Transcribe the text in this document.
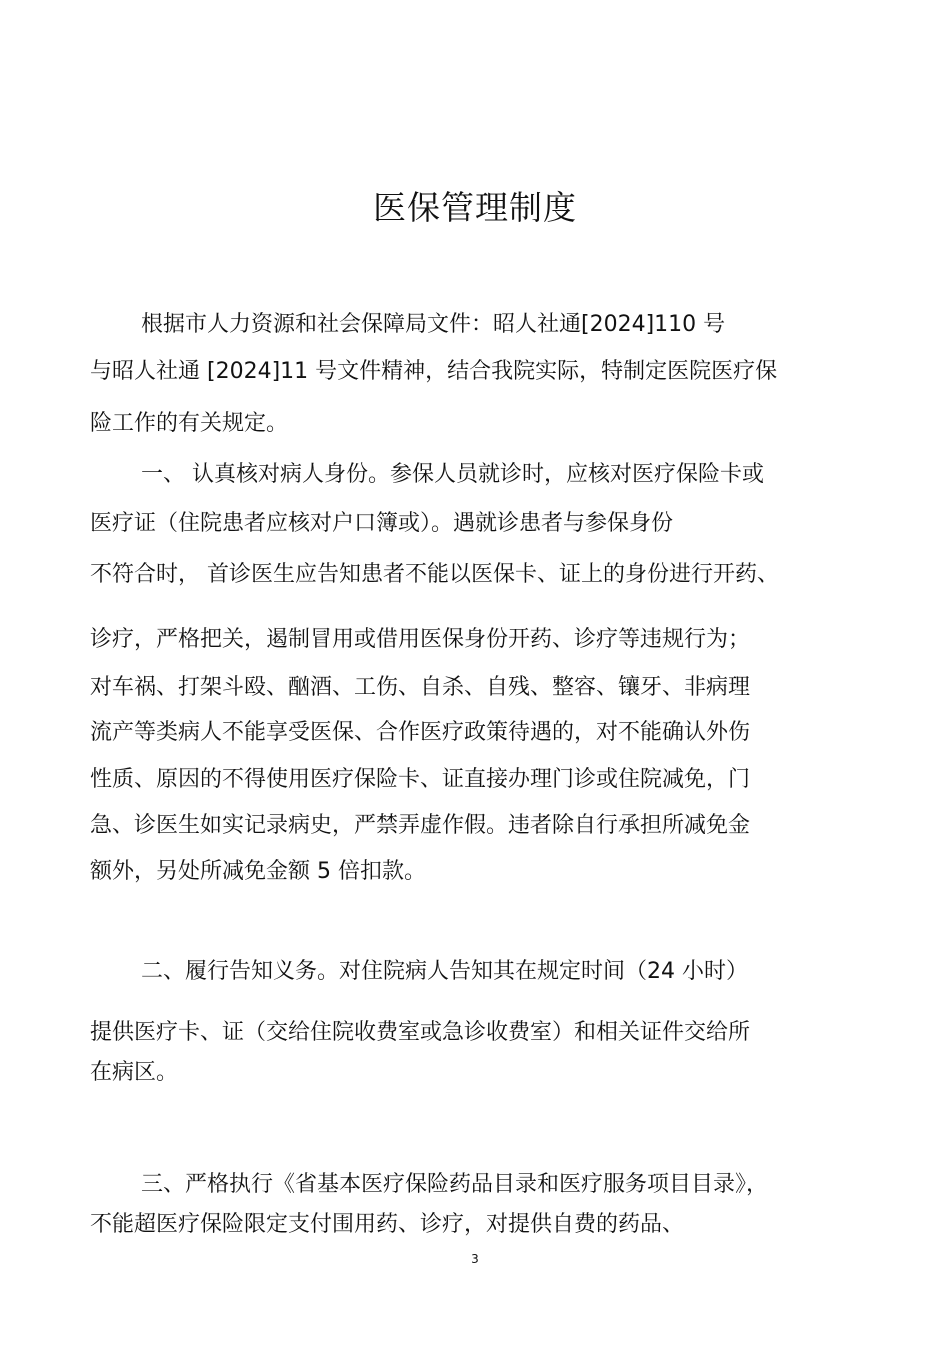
医保管理制度
根据市人力资源和社会保障局文件：昭人社通[2024]110 号
与昭人社通 [2024]11 号文件精神，结合我院实际，特制定医院医疗保
险工作的有关规定。
一、 认真核对病人身份。参保人员就诊时，应核对医疗保险卡或
医疗证（住院患者应核对户口簿或）。遇就诊患者与参保身份
不符合时， 首诊医生应告知患者不能以医保卡、证上的身份进行开药、
诊疗，严格把关，遏制冒用或借用医保身份开药、诊疗等违规行为；
对车祸、打架斗殴、酗酒、工伤、自杀、自残、整容、镶牙、非病理
流产等类病人不能享受医保、合作医疗政策待遇的，对不能确认外伤
性质、原因的不得使用医疗保险卡、证直接办理门诊或住院减免，门
急、诊医生如实记录病史，严禁弄虚作假。违者除自行承担所减免金
额外，另处所减免金额 5 倍扣款。
二、履行告知义务。对住院病人告知其在规定时间（24 小时）
提供医疗卡、证（交给住院收费室或急诊收费室）和相关证件交给所
在病区。
三、严格执行《省基本医疗保险药品目录和医疗服务项目目录》，
不能超医疗保险限定支付围用药、诊疗，对提供自费的药品、
3
